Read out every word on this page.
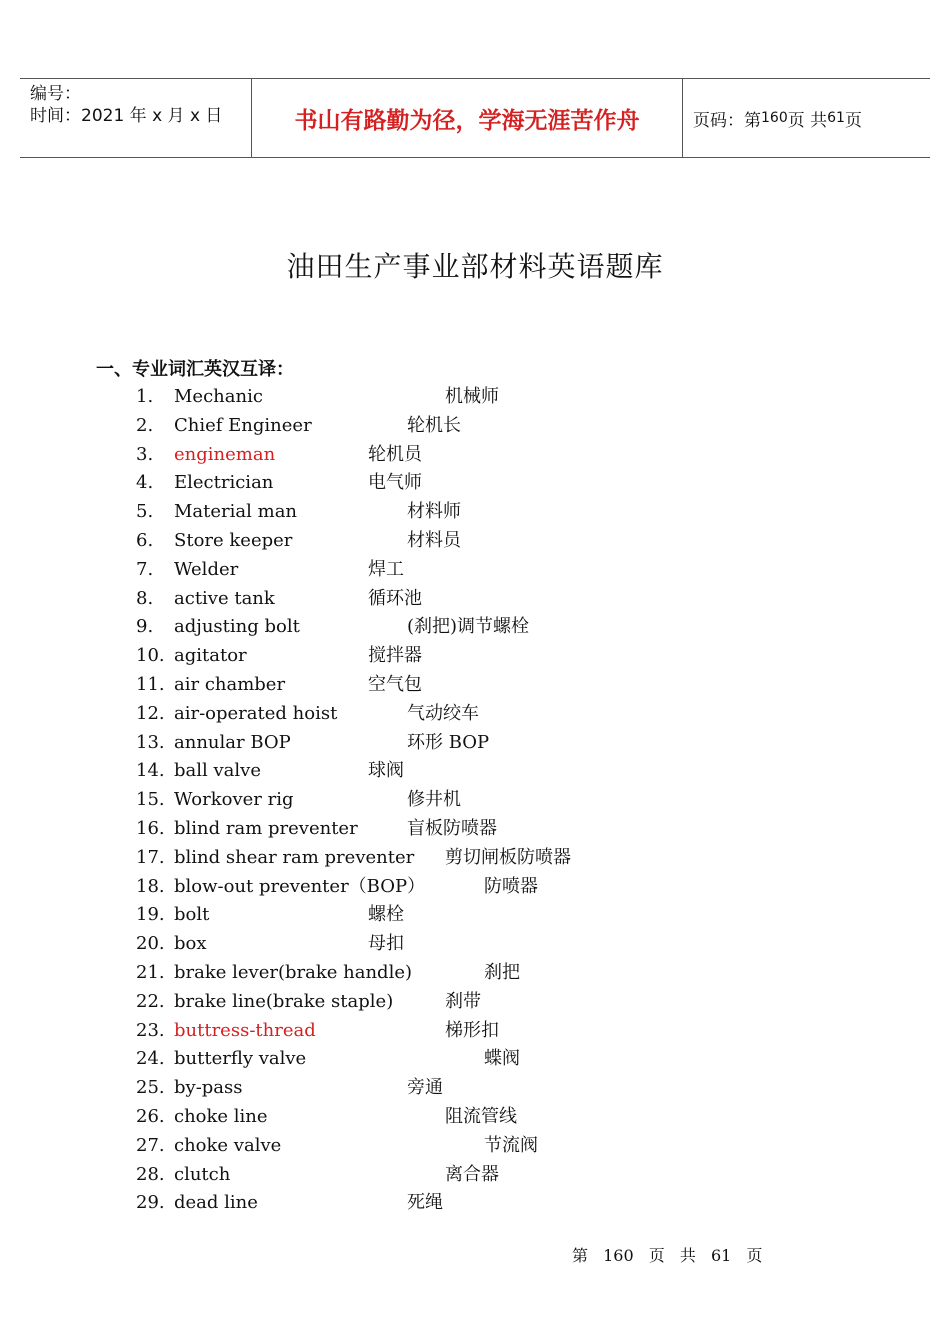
编号：
时间：2021 年 x 月 x 日	书山有路勤为径，学海无涯苦作舟	页码：第 160 页 共 61 页
油田生产事业部材料英语题库
一、专业词汇英汉互译：
1. Mechanic	机械师
2. Chief Engineer	轮机长
3. engineman	轮机员
4. Electrician	电气师
5. Material man	材料师
6. Store keeper	材料员
7. Welder	焊工
8. active tank	循环池
9. adjusting bolt	(刹把)调节螺栓
10. agitator	搅拌器
11. air chamber	空气包
12. air-operated hoist	气动绞车
13. annular BOP	环形 BOP
14. ball valve	球阀
15. Workover rig	修井机
16. blind ram preventer	盲板防喷器
17. blind shear ram preventer 剪切闸板防喷器
18. blow-out preventer（BOP）	防喷器
19. bolt	螺栓
20. box	母扣
21. brake lever(brake handle)	刹把
22. brake line(brake staple)	刹带
23. buttress-thread	梯形扣
24. butterfly valve	蝶阀
25. by-pass	旁通
26. choke line	阻流管线
27. choke valve	节流阀
28. clutch	离合器
29. dead line	死绳
第 160 页 共 61 页
